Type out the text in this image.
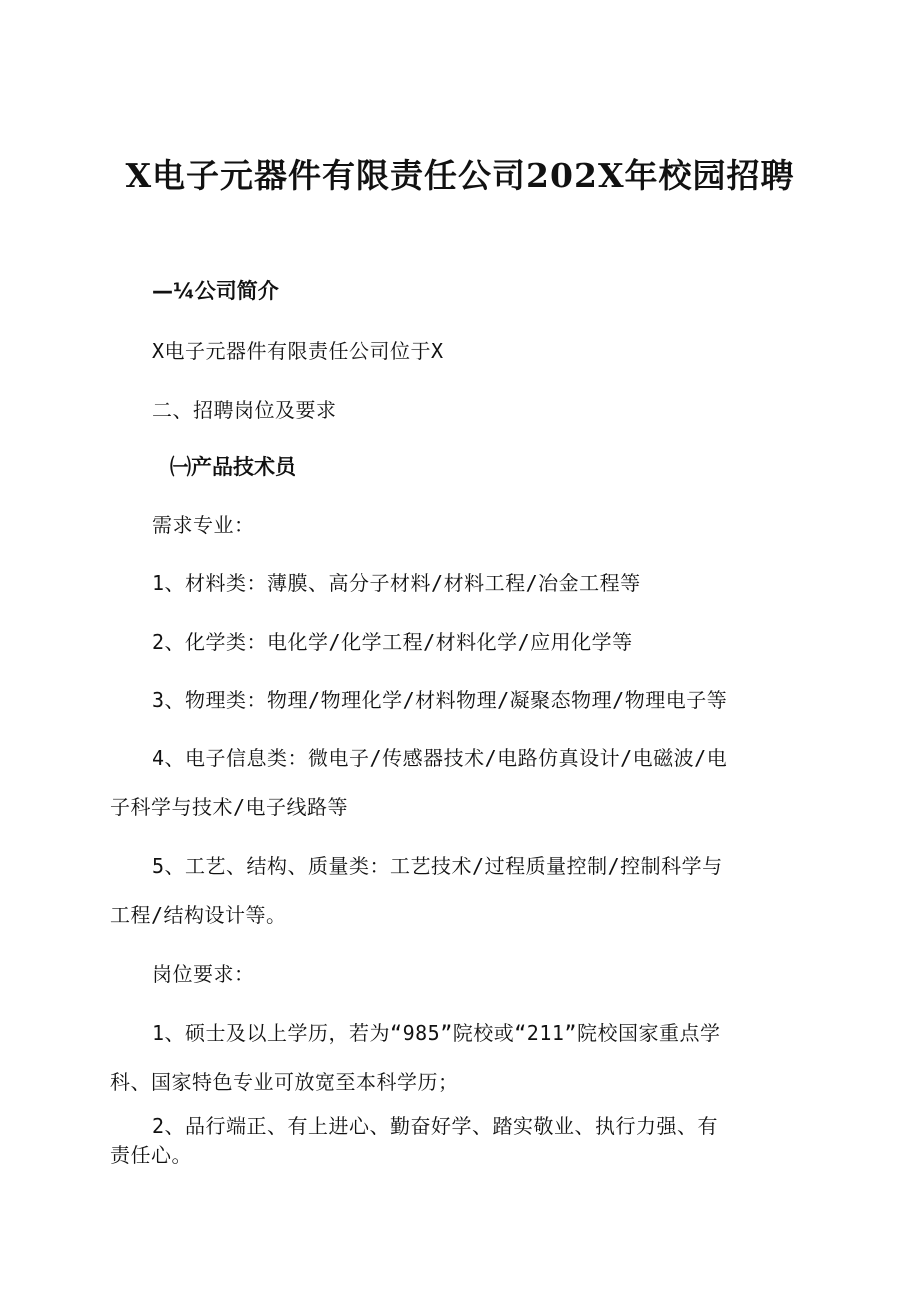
X电子元器件有限责任公司202X年校园招聘
—¼公司简介
X电子元器件有限责任公司位于X
二、招聘岗位及要求
㈠产品技术员
需求专业：
1、材料类：薄膜、高分子材料/材料工程/冶金工程等
2、化学类：电化学/化学工程/材料化学/应用化学等
3、物理类：物理/物理化学/材料物理/凝聚态物理/物理电子等
4、电子信息类：微电子/传感器技术/电路仿真设计/电磁波/电
子科学与技术/电子线路等
5、工艺、结构、质量类：工艺技术/过程质量控制/控制科学与
工程/结构设计等。
岗位要求：
1、硕士及以上学历，若为“985”院校或“211”院校国家重点学
科、国家特色专业可放宽至本科学历；
2、品行端正、有上进心、勤奋好学、踏实敬业、执行力强、有
责任心。
